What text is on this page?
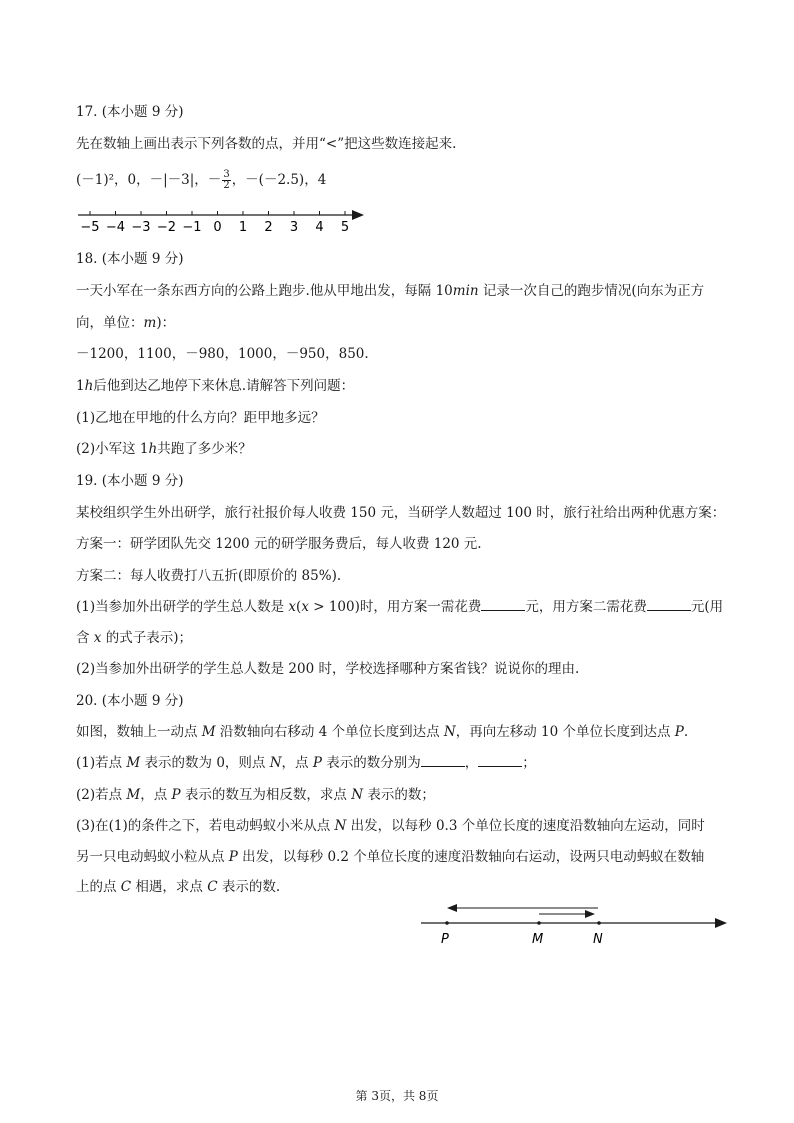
17. (本小题 9 分)
先在数轴上画出表示下列各数的点，并用“<”把这些数连接起来.
(－1)²，0，－|－3|，－ $\frac{3}{2}$ ，－(－2.5)，4
−5 −4 −3 −2 −1 0 1 2 3 4 5
18. (本小题 9 分)
一天小军在一条东西方向的公路上跑步.他从甲地出发，每隔 10min 记录一次自己的跑步情况(向东为正方
向，单位：m)：
－1200，1100，－980，1000，－950，850.
1h后他到达乙地停下来休息.请解答下列问题：
(1)乙地在甲地的什么方向？距甲地多远？
(2)小军这 1h共跑了多少米？
19. (本小题 9 分)
某校组织学生外出研学，旅行社报价每人收费 150 元，当研学人数超过 100 时，旅行社给出两种优惠方案：
方案一：研学团队先交 1200 元的研学服务费后，每人收费 120 元.
方案二：每人收费打八五折(即原价的 85%).
(1)当参加外出研学的学生总人数是 x(x > 100)时，用方案一需花费	元，用方案二需花费	元(用
含 x 的式子表示)；
(2)当参加外出研学的学生总人数是 200 时，学校选择哪种方案省钱？说说你的理由.
20. (本小题 9 分)
如图，数轴上一动点 M 沿数轴向右移动 4 个单位长度到达点 N，再向左移动 10 个单位长度到达点 P.
(1)若点 M 表示的数为 0，则点 N，点 P 表示的数分别为	，	；
(2)若点 M，点 P 表示的数互为相反数，求点 N 表示的数；
(3)在(1)的条件之下，若电动蚂蚁小米从点 N 出发，以每秒 0.3 个单位长度的速度沿数轴向左运动，同时
另一只电动蚂蚁小粒从点 P 出发，以每秒 0.2 个单位长度的速度沿数轴向右运动，设两只电动蚂蚁在数轴
上的点 C 相遇，求点 C 表示的数.
P	M	N
第 3页，共 8页
